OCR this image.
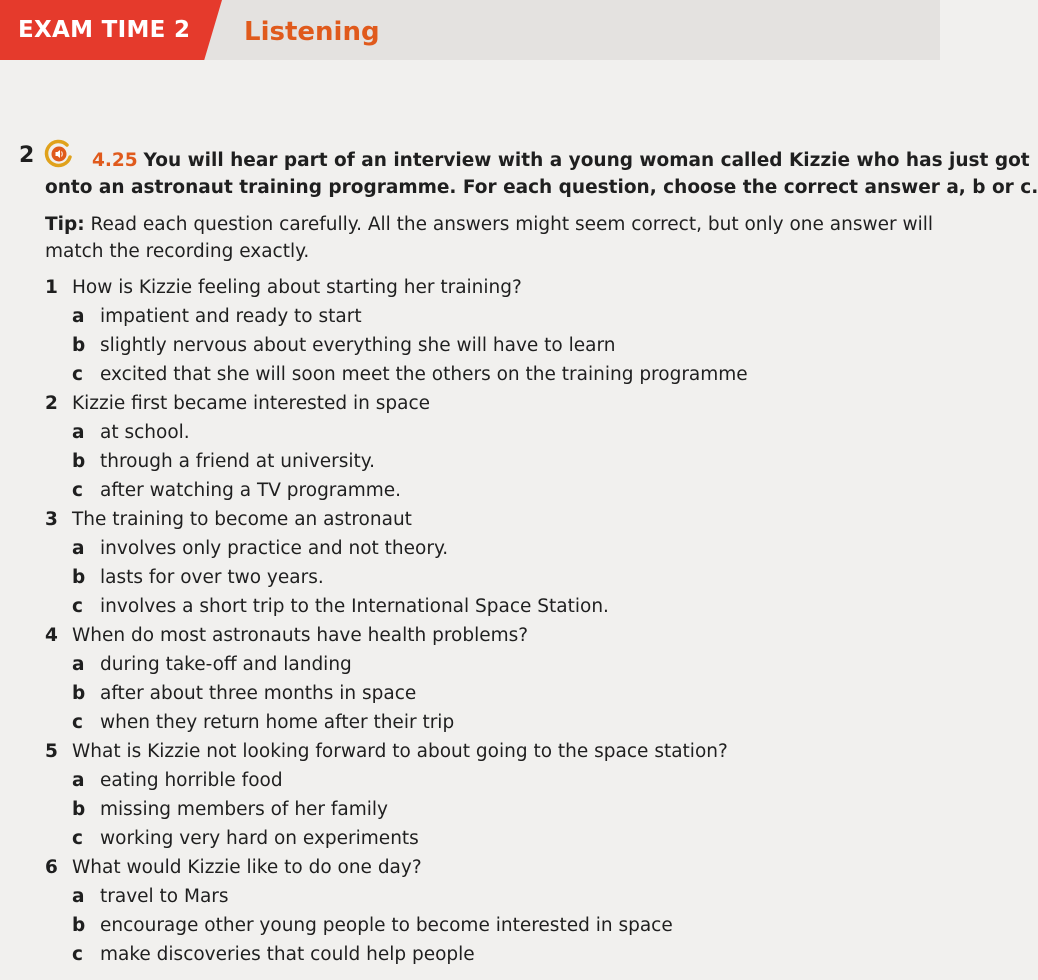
EXAM TIME 2 Listening
2	4.25 You will hear part of an interview with a young woman called Kizzie who has just got
onto an astronaut training programme. For each question, choose the correct answer a, b or c.
Tip: Read each question carefully. All the answers might seem correct, but only one answer will
match the recording exactly.
1 How is Kizzie feeling about starting her training?
a impatient and ready to start
b slightly nervous about everything she will have to learn
c excited that she will soon meet the others on the training programme
2 Kizzie first became interested in space
a at school.
b through a friend at university.
c after watching a TV programme.
3 The training to become an astronaut
a involves only practice and not theory.
b lasts for over two years.
c involves a short trip to the International Space Station.
4 When do most astronauts have health problems?
a during take-off and landing
b after about three months in space
c when they return home after their trip
5 What is Kizzie not looking forward to about going to the space station?
a eating horrible food
b missing members of her family
c working very hard on experiments
6 What would Kizzie like to do one day?
a travel to Mars
b encourage other young people to become interested in space
c make discoveries that could help people
